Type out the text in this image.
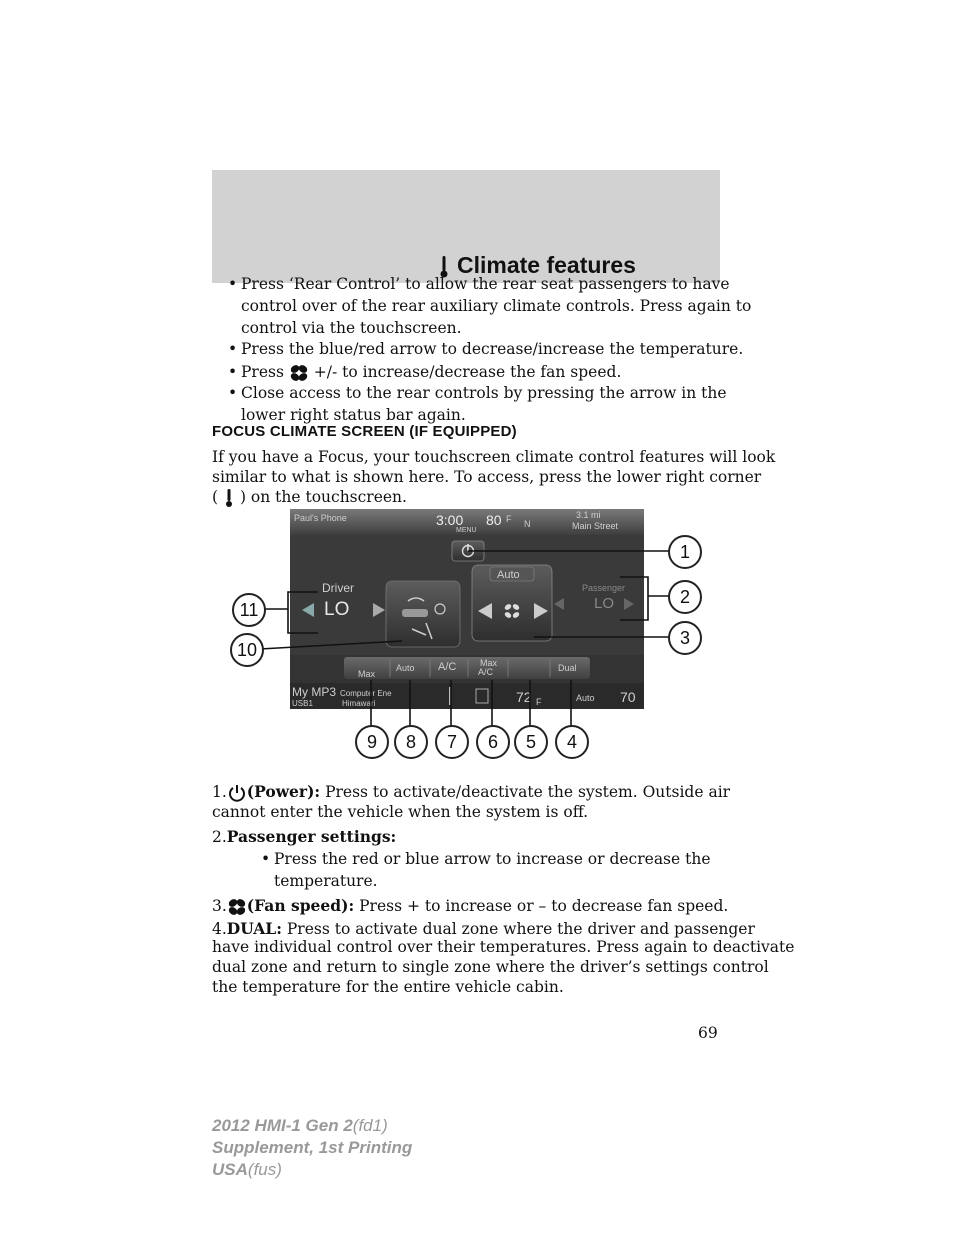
Climate features
• Press ‘Rear Control’ to allow the rear seat passengers to have
control over of the rear auxiliary climate controls. Press again to
control via the touchscreen.
• Press the blue/red arrow to decrease/increase the temperature.
• Press +/- to increase/decrease the fan speed.
• Close access to the rear controls by pressing the arrow in the
lower right status bar again.
FOCUS CLIMATE SCREEN (IF EQUIPPED)
If you have a Focus, your touchscreen climate control features will look
similar to what is shown here. To access, press the lower right corner
( ) on the touchscreen.
Paul's Phone	3:00 80 F
MENU
N
3.1 mi
Main Street
Driver
LO
Auto
Passenger
LO
Max
Auto A/C	Max
A/C	Dual
My MP3
USB1
Computer Ene
Himawari	72 F	Auto 70
1
2
3
4
5
6
7
8
9
10
11
1. (Power): Press to activate/deactivate the system. Outside air
cannot enter the vehicle when the system is off.
2.Passenger settings:
• Press the red or blue arrow to increase or decrease the
temperature.
3. (Fan speed): Press + to increase or – to decrease fan speed.
4.DUAL: Press to activate dual zone where the driver and passenger
have individual control over their temperatures. Press again to deactivate
dual zone and return to single zone where the driver’s settings control
the temperature for the entire vehicle cabin.
69
2012 HMI-1 Gen 2(fd1)
Supplement, 1st Printing
USA(fus)
